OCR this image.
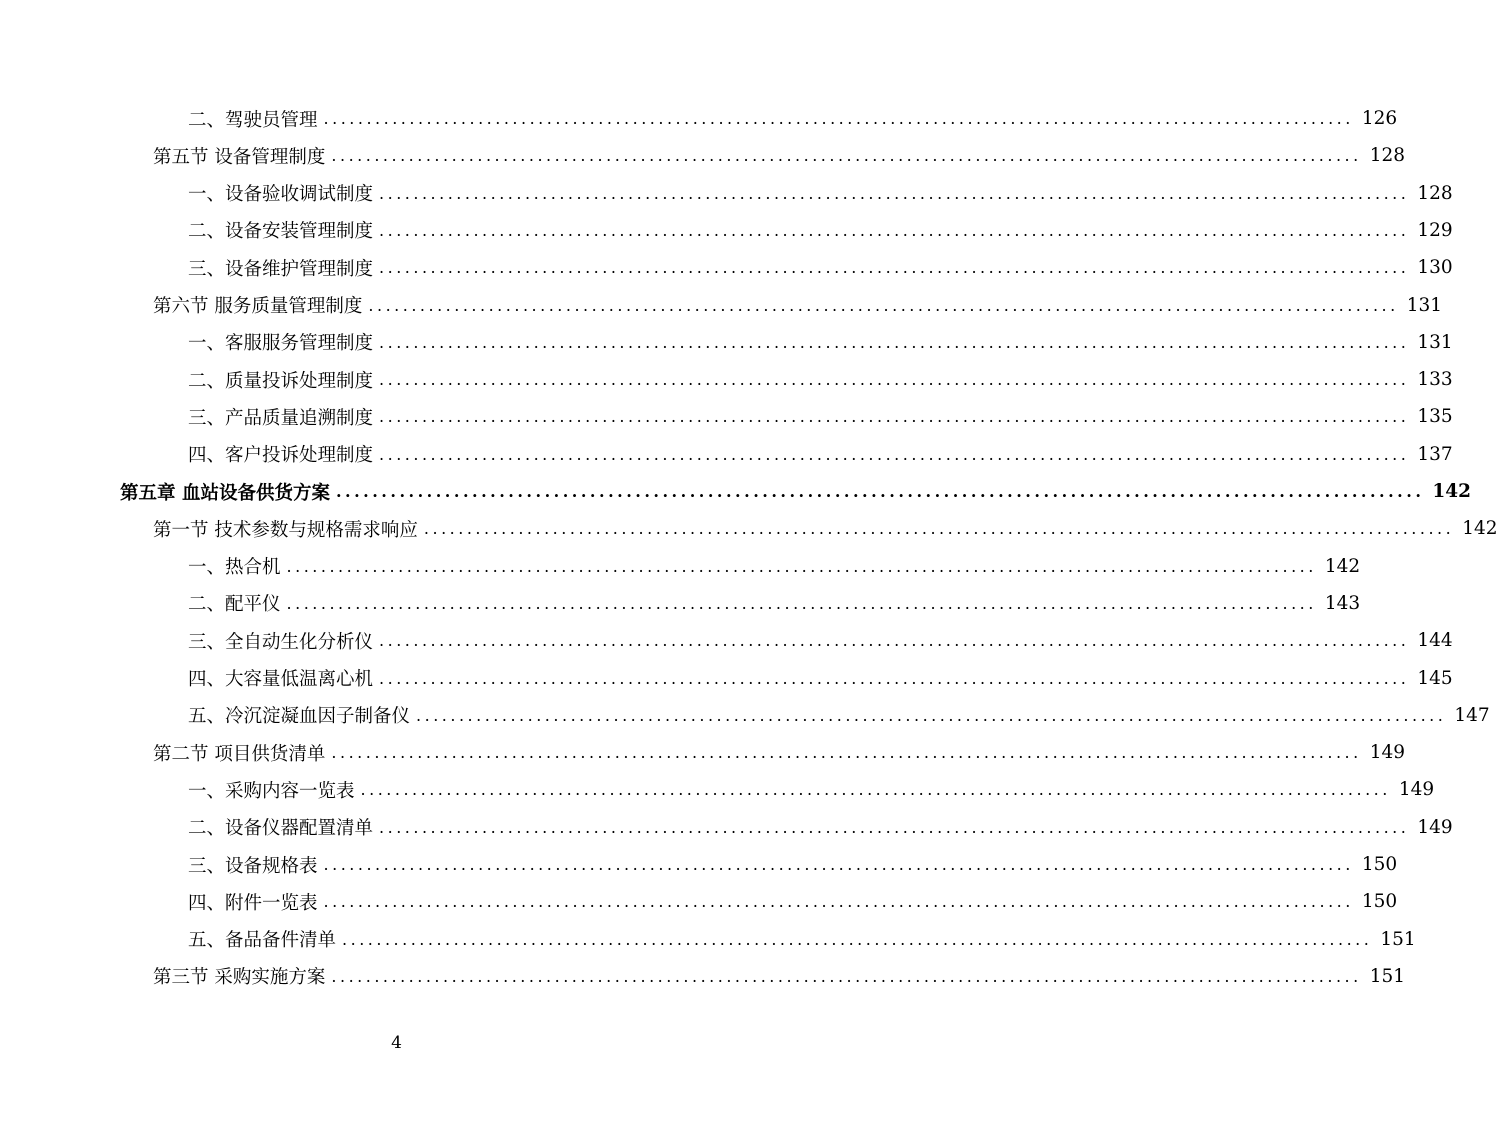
二、驾驶员管理 ........................................................................................................................ 126
第五节 设备管理制度 ........................................................................................................................ 128
一、设备验收调试制度 ........................................................................................................................ 128
二、设备安装管理制度 ........................................................................................................................ 129
三、设备维护管理制度 ........................................................................................................................ 130
第六节 服务质量管理制度 ........................................................................................................................ 131
一、客服服务管理制度 ........................................................................................................................ 131
二、质量投诉处理制度 ........................................................................................................................ 133
三、产品质量追溯制度 ........................................................................................................................ 135
四、客户投诉处理制度 ........................................................................................................................ 137
第五章 血站设备供货方案 ........................................................................................................................ 142
第一节 技术参数与规格需求响应 ........................................................................................................................ 142
一、热合机 ........................................................................................................................ 142
二、配平仪 ........................................................................................................................ 143
三、全自动生化分析仪 ........................................................................................................................ 144
四、大容量低温离心机 ........................................................................................................................ 145
五、冷沉淀凝血因子制备仪 ........................................................................................................................ 147
第二节 项目供货清单 ........................................................................................................................ 149
一、采购内容一览表 ........................................................................................................................ 149
二、设备仪器配置清单 ........................................................................................................................ 149
三、设备规格表 ........................................................................................................................ 150
四、附件一览表 ........................................................................................................................ 150
五、备品备件清单 ........................................................................................................................ 151
第三节 采购实施方案 ........................................................................................................................ 151
4
